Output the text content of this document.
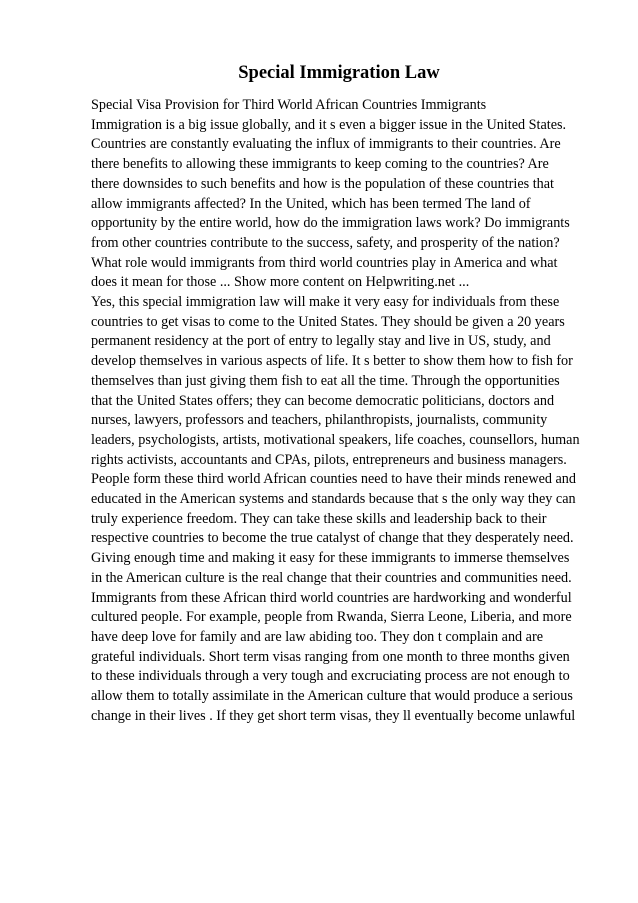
Special Immigration Law
Special Visa Provision for Third World African Countries Immigrants
Immigration is a big issue globally, and it s even a bigger issue in the United States.
Countries are constantly evaluating the influx of immigrants to their countries. Are
there benefits to allowing these immigrants to keep coming to the countries? Are
there downsides to such benefits and how is the population of these countries that
allow immigrants affected? In the United, which has been termed The land of
opportunity by the entire world, how do the immigration laws work? Do immigrants
from other countries contribute to the success, safety, and prosperity of the nation?
What role would immigrants from third world countries play in America and what
does it mean for those ... Show more content on Helpwriting.net ...
Yes, this special immigration law will make it very easy for individuals from these
countries to get visas to come to the United States. They should be given a 20 years
permanent residency at the port of entry to legally stay and live in US, study, and
develop themselves in various aspects of life. It s better to show them how to fish for
themselves than just giving them fish to eat all the time. Through the opportunities
that the United States offers; they can become democratic politicians, doctors and
nurses, lawyers, professors and teachers, philanthropists, journalists, community
leaders, psychologists, artists, motivational speakers, life coaches, counsellors, human
rights activists, accountants and CPAs, pilots, entrepreneurs and business managers.
People form these third world African counties need to have their minds renewed and
educated in the American systems and standards because that s the only way they can
truly experience freedom. They can take these skills and leadership back to their
respective countries to become the true catalyst of change that they desperately need.
Giving enough time and making it easy for these immigrants to immerse themselves
in the American culture is the real change that their countries and communities need.
Immigrants from these African third world countries are hardworking and wonderful
cultured people. For example, people from Rwanda, Sierra Leone, Liberia, and more
have deep love for family and are law abiding too. They don t complain and are
grateful individuals. Short term visas ranging from one month to three months given
to these individuals through a very tough and excruciating process are not enough to
allow them to totally assimilate in the American culture that would produce a serious
change in their lives . If they get short term visas, they ll eventually become unlawful
